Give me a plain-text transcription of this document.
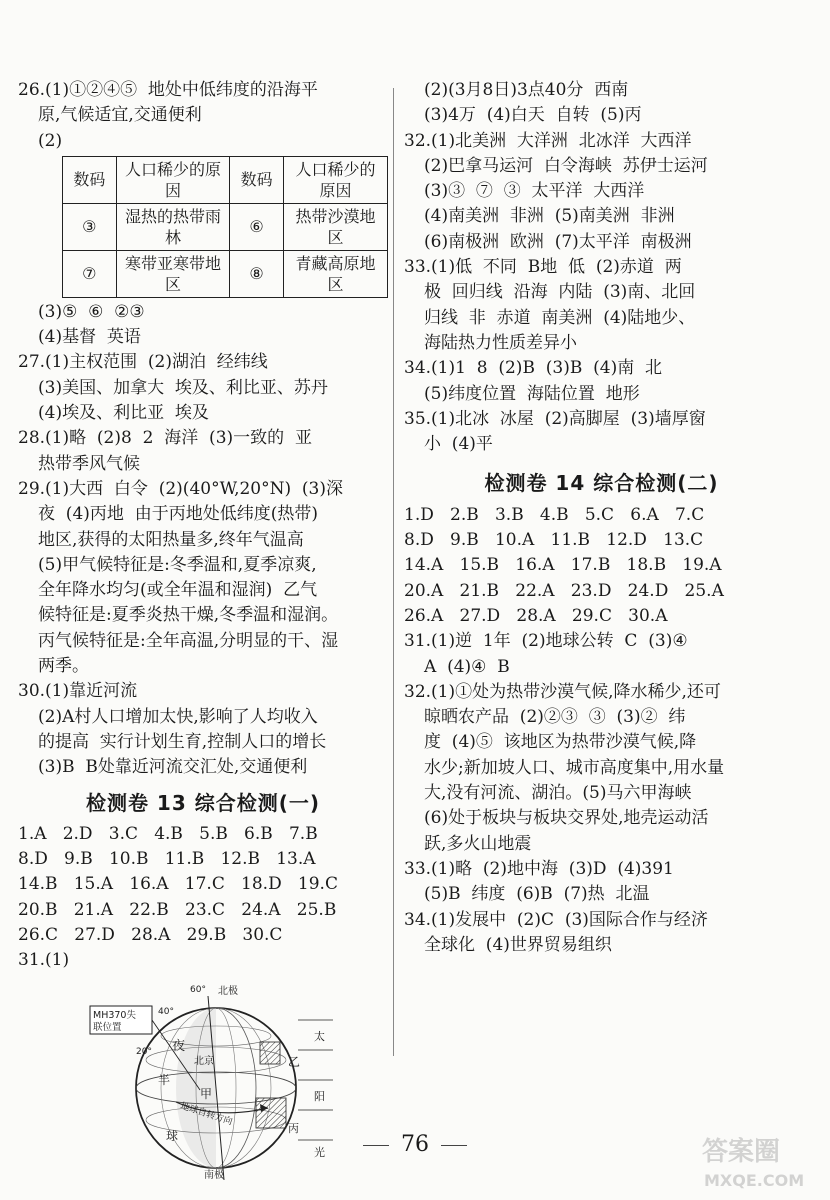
26.(1)①②④⑤  地处中低纬度的沿海平
原,气候适宜,交通便利
(2)
数码	人口稀少的原因	数码	人口稀少的原因
③	湿热的热带雨林	⑥	热带沙漠地区
⑦	寒带亚寒带地区	⑧	青藏高原地区
(3)⑤  ⑥  ②③
(4)基督  英语
27.(1)主权范围  (2)湖泊  经纬线
(3)美国、加拿大  埃及、利比亚、苏丹
(4)埃及、利比亚  埃及
28.(1)略  (2)8  2  海洋  (3)一致的  亚
热带季风气候
29.(1)大西  白令  (2)(40°W,20°N)  (3)深
夜  (4)丙地  由于丙地处低纬度(热带)
地区,获得的太阳热量多,终年气温高
(5)甲气候特征是:冬季温和,夏季凉爽,
全年降水均匀(或全年温和湿润)  乙气
候特征是:夏季炎热干燥,冬季温和湿润。
丙气候特征是:全年高温,分明显的干、湿
两季。
30.(1)靠近河流
(2)A村人口增加太快,影响了人均收入
的提高  实行计划生育,控制人口的增长
(3)B  B处靠近河流交汇处,交通便利
检测卷 13 综合检测(一)
1.A   2.D   3.C   4.B   5.B   6.B   7.B
8.D   9.B   10.B   11.B   12.B   13.A
14.B   15.A   16.A   17.C   18.D   19.C
20.B   21.A   22.B   23.C   24.A   25.B
26.C   27.D   28.A   29.B   30.C
31.(1)
MH370失
联位置
北极
南极
60°
40°
20° 夜
北京	乙
半
甲
球
太
阳
丙
光
地球自转方向
(2)(3月8日)3点40分  西南
(3)4万  (4)白天  自转  (5)丙
32.(1)北美洲  大洋洲  北冰洋  大西洋
(2)巴拿马运河  白令海峡  苏伊士运河
(3)③  ⑦  ③  太平洋  大西洋
(4)南美洲  非洲  (5)南美洲  非洲
(6)南极洲  欧洲  (7)太平洋  南极洲
33.(1)低  不同  B地  低  (2)赤道  两
极  回归线  沿海  内陆  (3)南、北回
归线  非  赤道  南美洲  (4)陆地少、
海陆热力性质差异小
34.(1)1  8  (2)B  (3)B  (4)南  北
(5)纬度位置  海陆位置  地形
35.(1)北冰  冰屋  (2)高脚屋  (3)墙厚窗
小  (4)平
检测卷 14 综合检测(二)
1.D   2.B   3.B   4.B   5.C   6.A   7.C
8.D   9.B   10.A   11.B   12.D   13.C
14.A   15.B   16.A   17.B   18.B   19.A
20.A   21.B   22.A   23.D   24.D   25.A
26.A   27.D   28.A   29.C   30.A
31.(1)逆  1年  (2)地球公转  C  (3)④
A  (4)④  B
32.(1)①处为热带沙漠气候,降水稀少,还可
晾晒农产品  (2)②③  ③  (3)②  纬
度  (4)⑤  该地区为热带沙漠气候,降
水少;新加坡人口、城市高度集中,用水量
大,没有河流、湖泊。(5)马六甲海峡
(6)处于板块与板块交界处,地壳运动活
跃,多火山地震
33.(1)略  (2)地中海  (3)D  (4)391
(5)B  纬度  (6)B  (7)热  北温
34.(1)发展中  (2)C  (3)国际合作与经济
全球化  (4)世界贸易组织
76	答案圈
MXQE.COM
